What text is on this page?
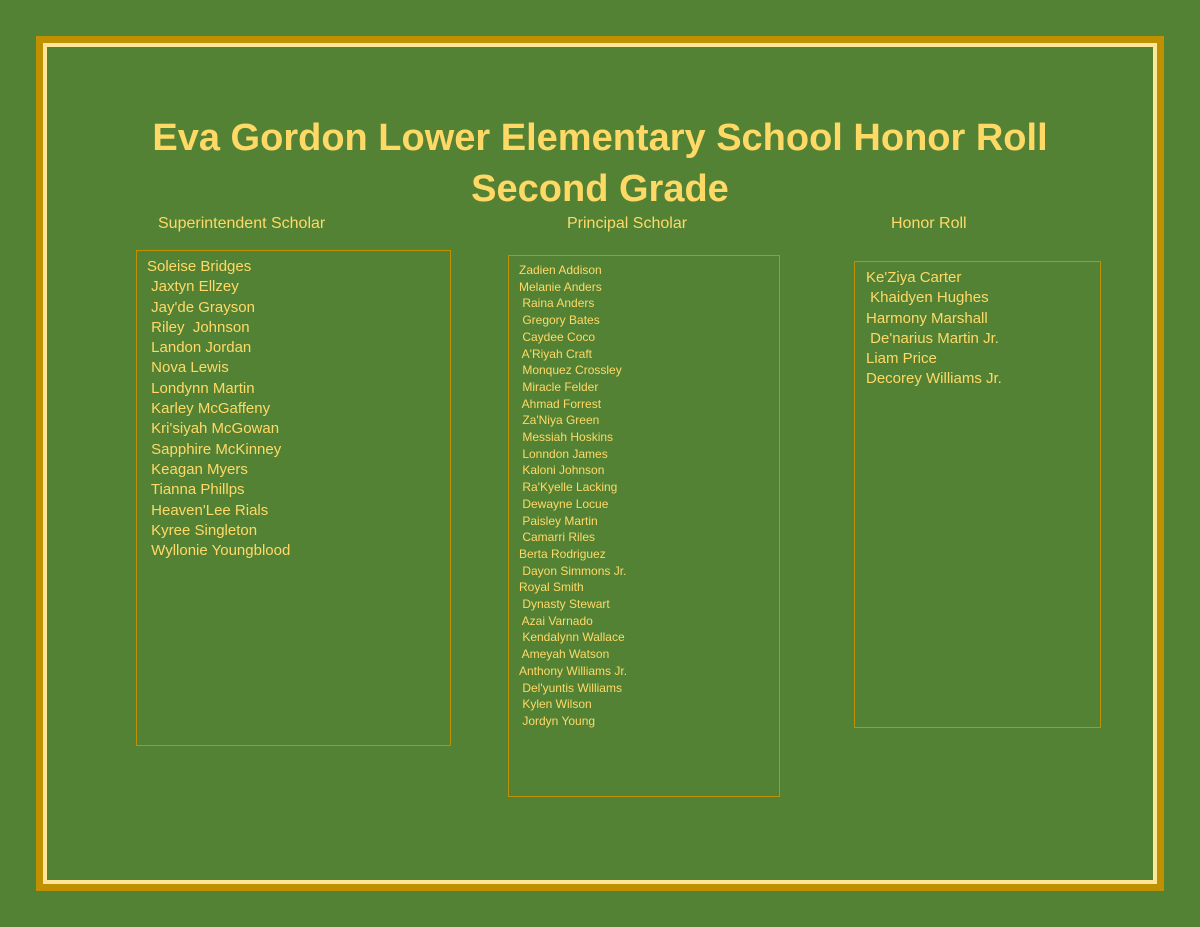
Eva Gordon Lower Elementary School Honor Roll
Second Grade
Superintendent Scholar	Principal Scholar	Honor Roll
Soleise Bridges
Jaxtyn Ellzey
Jay'de Grayson
Riley  Johnson
Landon Jordan
Nova Lewis
Londynn Martin
Karley McGaffeny
Kri'siyah McGowan
Sapphire McKinney
Keagan Myers
Tianna Phillps
Heaven'Lee Rials
Kyree Singleton
Wyllonie Youngblood
Zadien Addison
Melanie Anders
Raina Anders
Gregory Bates
Caydee Coco
A'Riyah Craft
Monquez Crossley
Miracle Felder
Ahmad Forrest
Za'Niya Green
Messiah Hoskins
Lonndon James
Kaloni Johnson
Ra'Kyelle Lacking
Dewayne Locue
Paisley Martin
Camarri Riles
Berta Rodriguez
Dayon Simmons Jr.
Royal Smith
Dynasty Stewart
Azai Varnado
Kendalynn Wallace
Ameyah Watson
Anthony Williams Jr.
Del'yuntis Williams
Kylen Wilson
Jordyn Young
Ke'Ziya Carter
Khaidyen Hughes
Harmony Marshall
De'narius Martin Jr.
Liam Price
Decorey Williams Jr.
